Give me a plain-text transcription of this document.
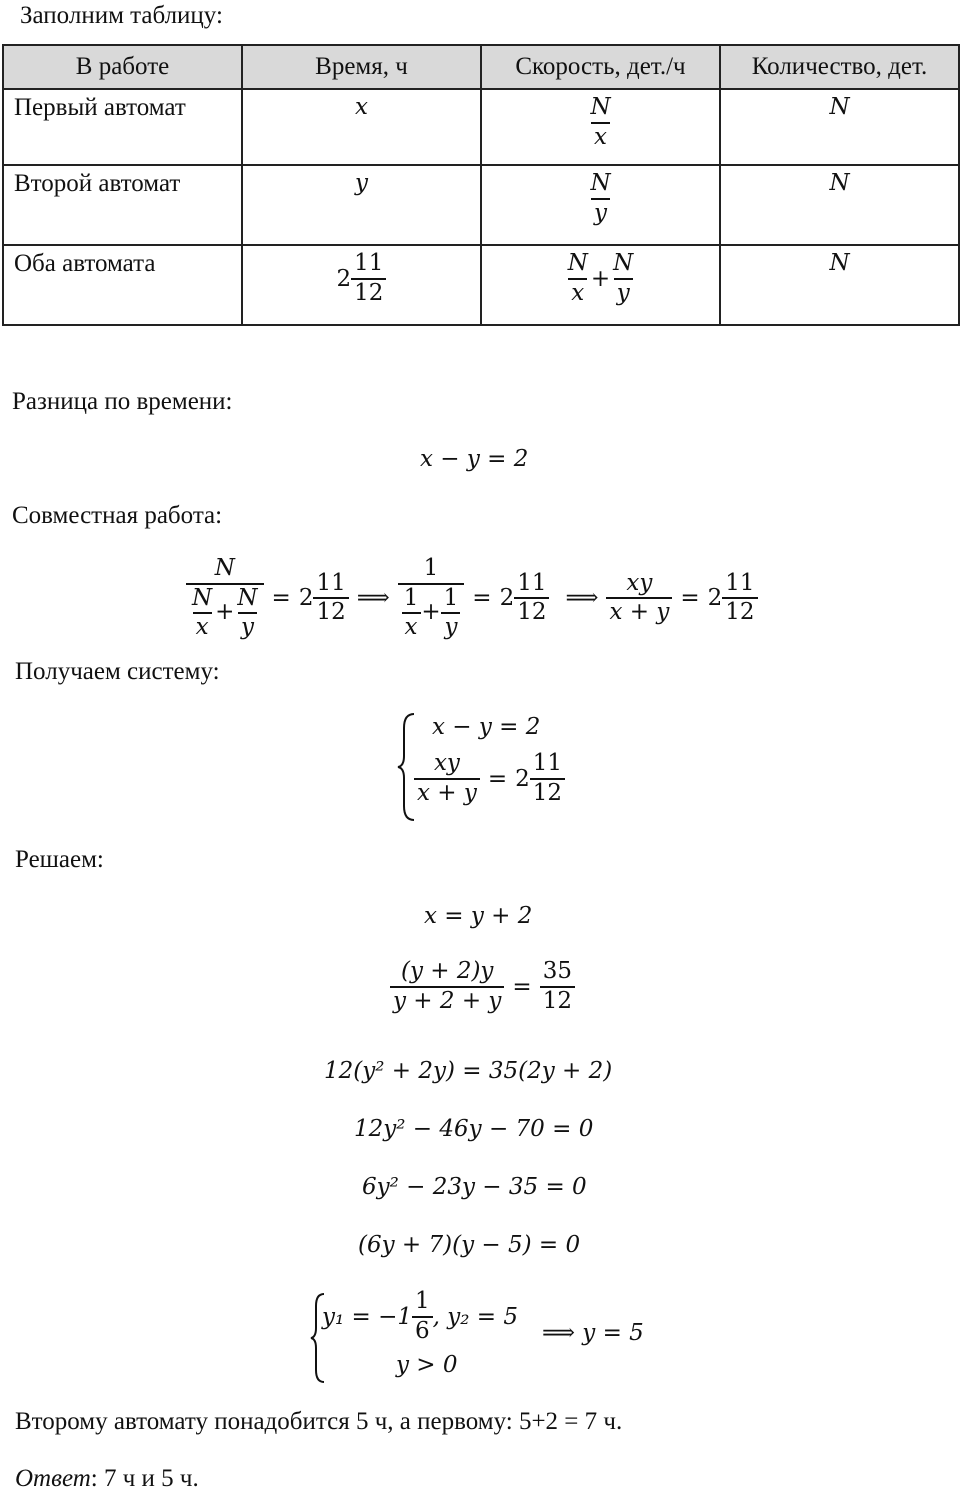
Заполним таблицу:
В работе	Время, ч	Скорость, дет./ч	Количество, дет.

Первый автомат	x	$\frac{N}{x}$	N

Второй автомат	y	$\frac{N}{y}$	N

Оба автомата	$2 \frac{11}{12}$	$\frac{N}{x} + \frac{N}{y}$	N
Разница по времени:
x − y = 2
Совместная работа:
$\frac{N}{\frac{N}{x} + \frac{N}{y}} = 2 \frac{11}{12}$ ⟹ $\frac{1}{\frac{1}{x} + \frac{1}{y}} = 2 \frac{11}{12}$ ⟹ $\frac{xy}{x + y} = 2 \frac{11}{12}$
Получаем систему:
x − y = 2
$\frac{xy}{x + y} = 2 \frac{11}{12}$
Решаем:
x = y + 2
$\frac{(y + 2)y}{y + 2 + y} = \frac{35}{12}$
12(y² + 2y) = 35(2y + 2)
12y² − 46y − 70 = 0
6y² − 23y − 35 = 0
(6y + 7)(y − 5) = 0
$y_1 = -1 \frac{1}{6}$ , y₂ = 5
y > 0
⟹ y = 5
Второму автомату понадобится 5 ч, а первому: 5+2 = 7 ч.
Ответ: 7 ч и 5 ч.
